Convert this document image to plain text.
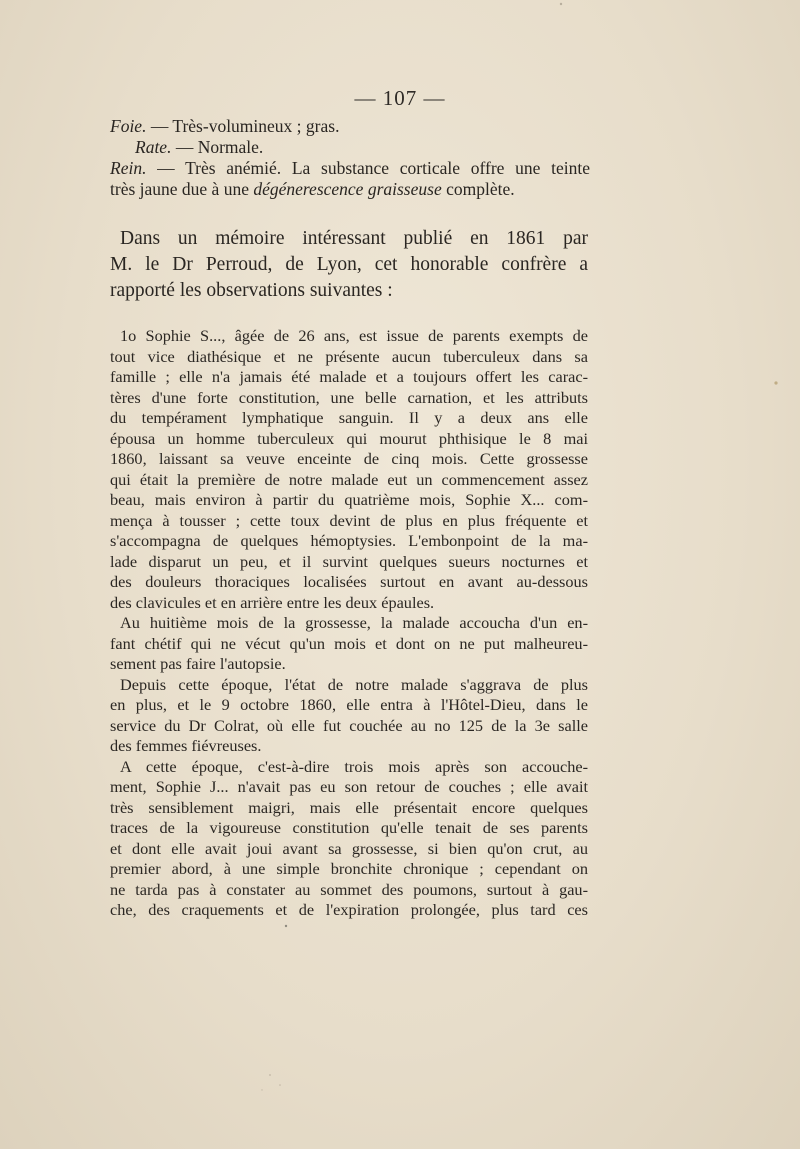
— 107 —
Foie. — Très-volumineux ; gras.
Rate. — Normale.
Rein. — Très anémié. La substance corticale offre une teinte
très jaune due à une dégénerescence graisseuse complète.
Dans un mémoire intéressant publié en 1861 par
M. le Dr Perroud, de Lyon, cet honorable confrère a
rapporté les observations suivantes :
1o Sophie S..., âgée de 26 ans, est issue de parents exempts de
tout vice diathésique et ne présente aucun tuberculeux dans sa
famille ; elle n'a jamais été malade et a toujours offert les carac-
tères d'une forte constitution, une belle carnation, et les attributs
du tempérament lymphatique sanguin. Il y a deux ans elle
épousa un homme tuberculeux qui mourut phthisique le 8 mai
1860, laissant sa veuve enceinte de cinq mois. Cette grossesse
qui était la première de notre malade eut un commencement assez
beau, mais environ à partir du quatrième mois, Sophie X... com-
mença à tousser ; cette toux devint de plus en plus fréquente et
s'accompagna de quelques hémoptysies. L'embonpoint de la ma-
lade disparut un peu, et il survint quelques sueurs nocturnes et
des douleurs thoraciques localisées surtout en avant au-dessous
des clavicules et en arrière entre les deux épaules.
Au huitième mois de la grossesse, la malade accoucha d'un en-
fant chétif qui ne vécut qu'un mois et dont on ne put malheureu-
sement pas faire l'autopsie.
Depuis cette époque, l'état de notre malade s'aggrava de plus
en plus, et le 9 octobre 1860, elle entra à l'Hôtel-Dieu, dans le
service du Dr Colrat, où elle fut couchée au no 125 de la 3e salle
des femmes fiévreuses.
A cette époque, c'est-à-dire trois mois après son accouche-
ment, Sophie J... n'avait pas eu son retour de couches ; elle avait
très sensiblement maigri, mais elle présentait encore quelques
traces de la vigoureuse constitution qu'elle tenait de ses parents
et dont elle avait joui avant sa grossesse, si bien qu'on crut, au
premier abord, à une simple bronchite chronique ; cependant on
ne tarda pas à constater au sommet des poumons, surtout à gau-
che, des craquements et de l'expiration prolongée, plus tard ces
